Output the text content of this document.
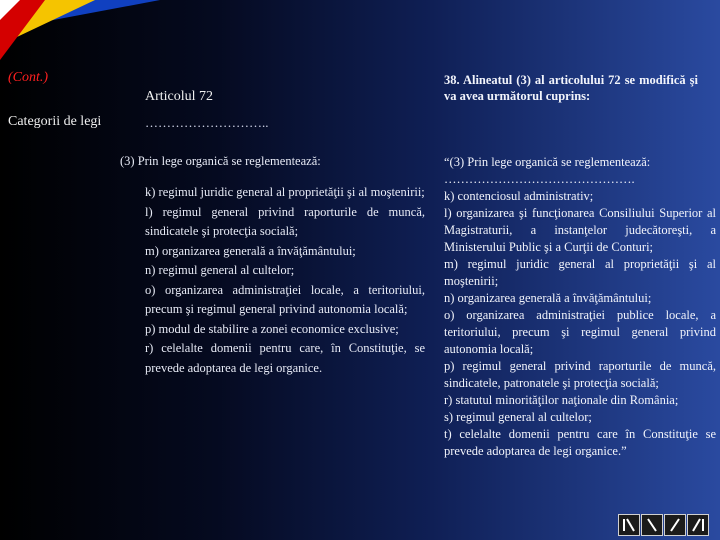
(Cont.)
Categorii de legi
Articolul 72
………………………..
38. Alineatul (3) al articolului 72 se modifică şi va avea următorul cuprins:
(3) Prin lege organică se reglementează:

k) regimul juridic general al proprietăţii şi al moştenirii;

l) regimul general privind raporturile de muncă, sindicatele şi protecţia socială;

m) organizarea generală a învăţământului;

n) regimul general al cultelor;

o) organizarea administraţiei locale, a teritoriului, precum şi regimul general privind autonomia locală;

p) modul de stabilire a zonei economice exclusive;

r) celelalte domenii pentru care, în Constituţie, se prevede adoptarea de legi organice.

“(3) Prin lege organică se reglementează:

……………………………………….

k) contenciosul administrativ;

l) organizarea şi funcţionarea Consiliului Superior al Magistraturii, a instanţelor judecătoreşti, a Ministerului Public şi a Curţii de Conturi;

m) regimul juridic general al proprietăţii şi al moştenirii;

n) organizarea generală a învăţământului;

o) organizarea administraţiei publice locale, a teritoriului, precum şi regimul general privind autonomia locală;

p) regimul general privind raporturile de muncă, sindicatele, patronatele şi protecţia socială;

r) statutul minorităţilor naţionale din România;

s) regimul general al cultelor;

t) celelalte domenii pentru care în Constituţie se prevede adoptarea de legi organice.”
